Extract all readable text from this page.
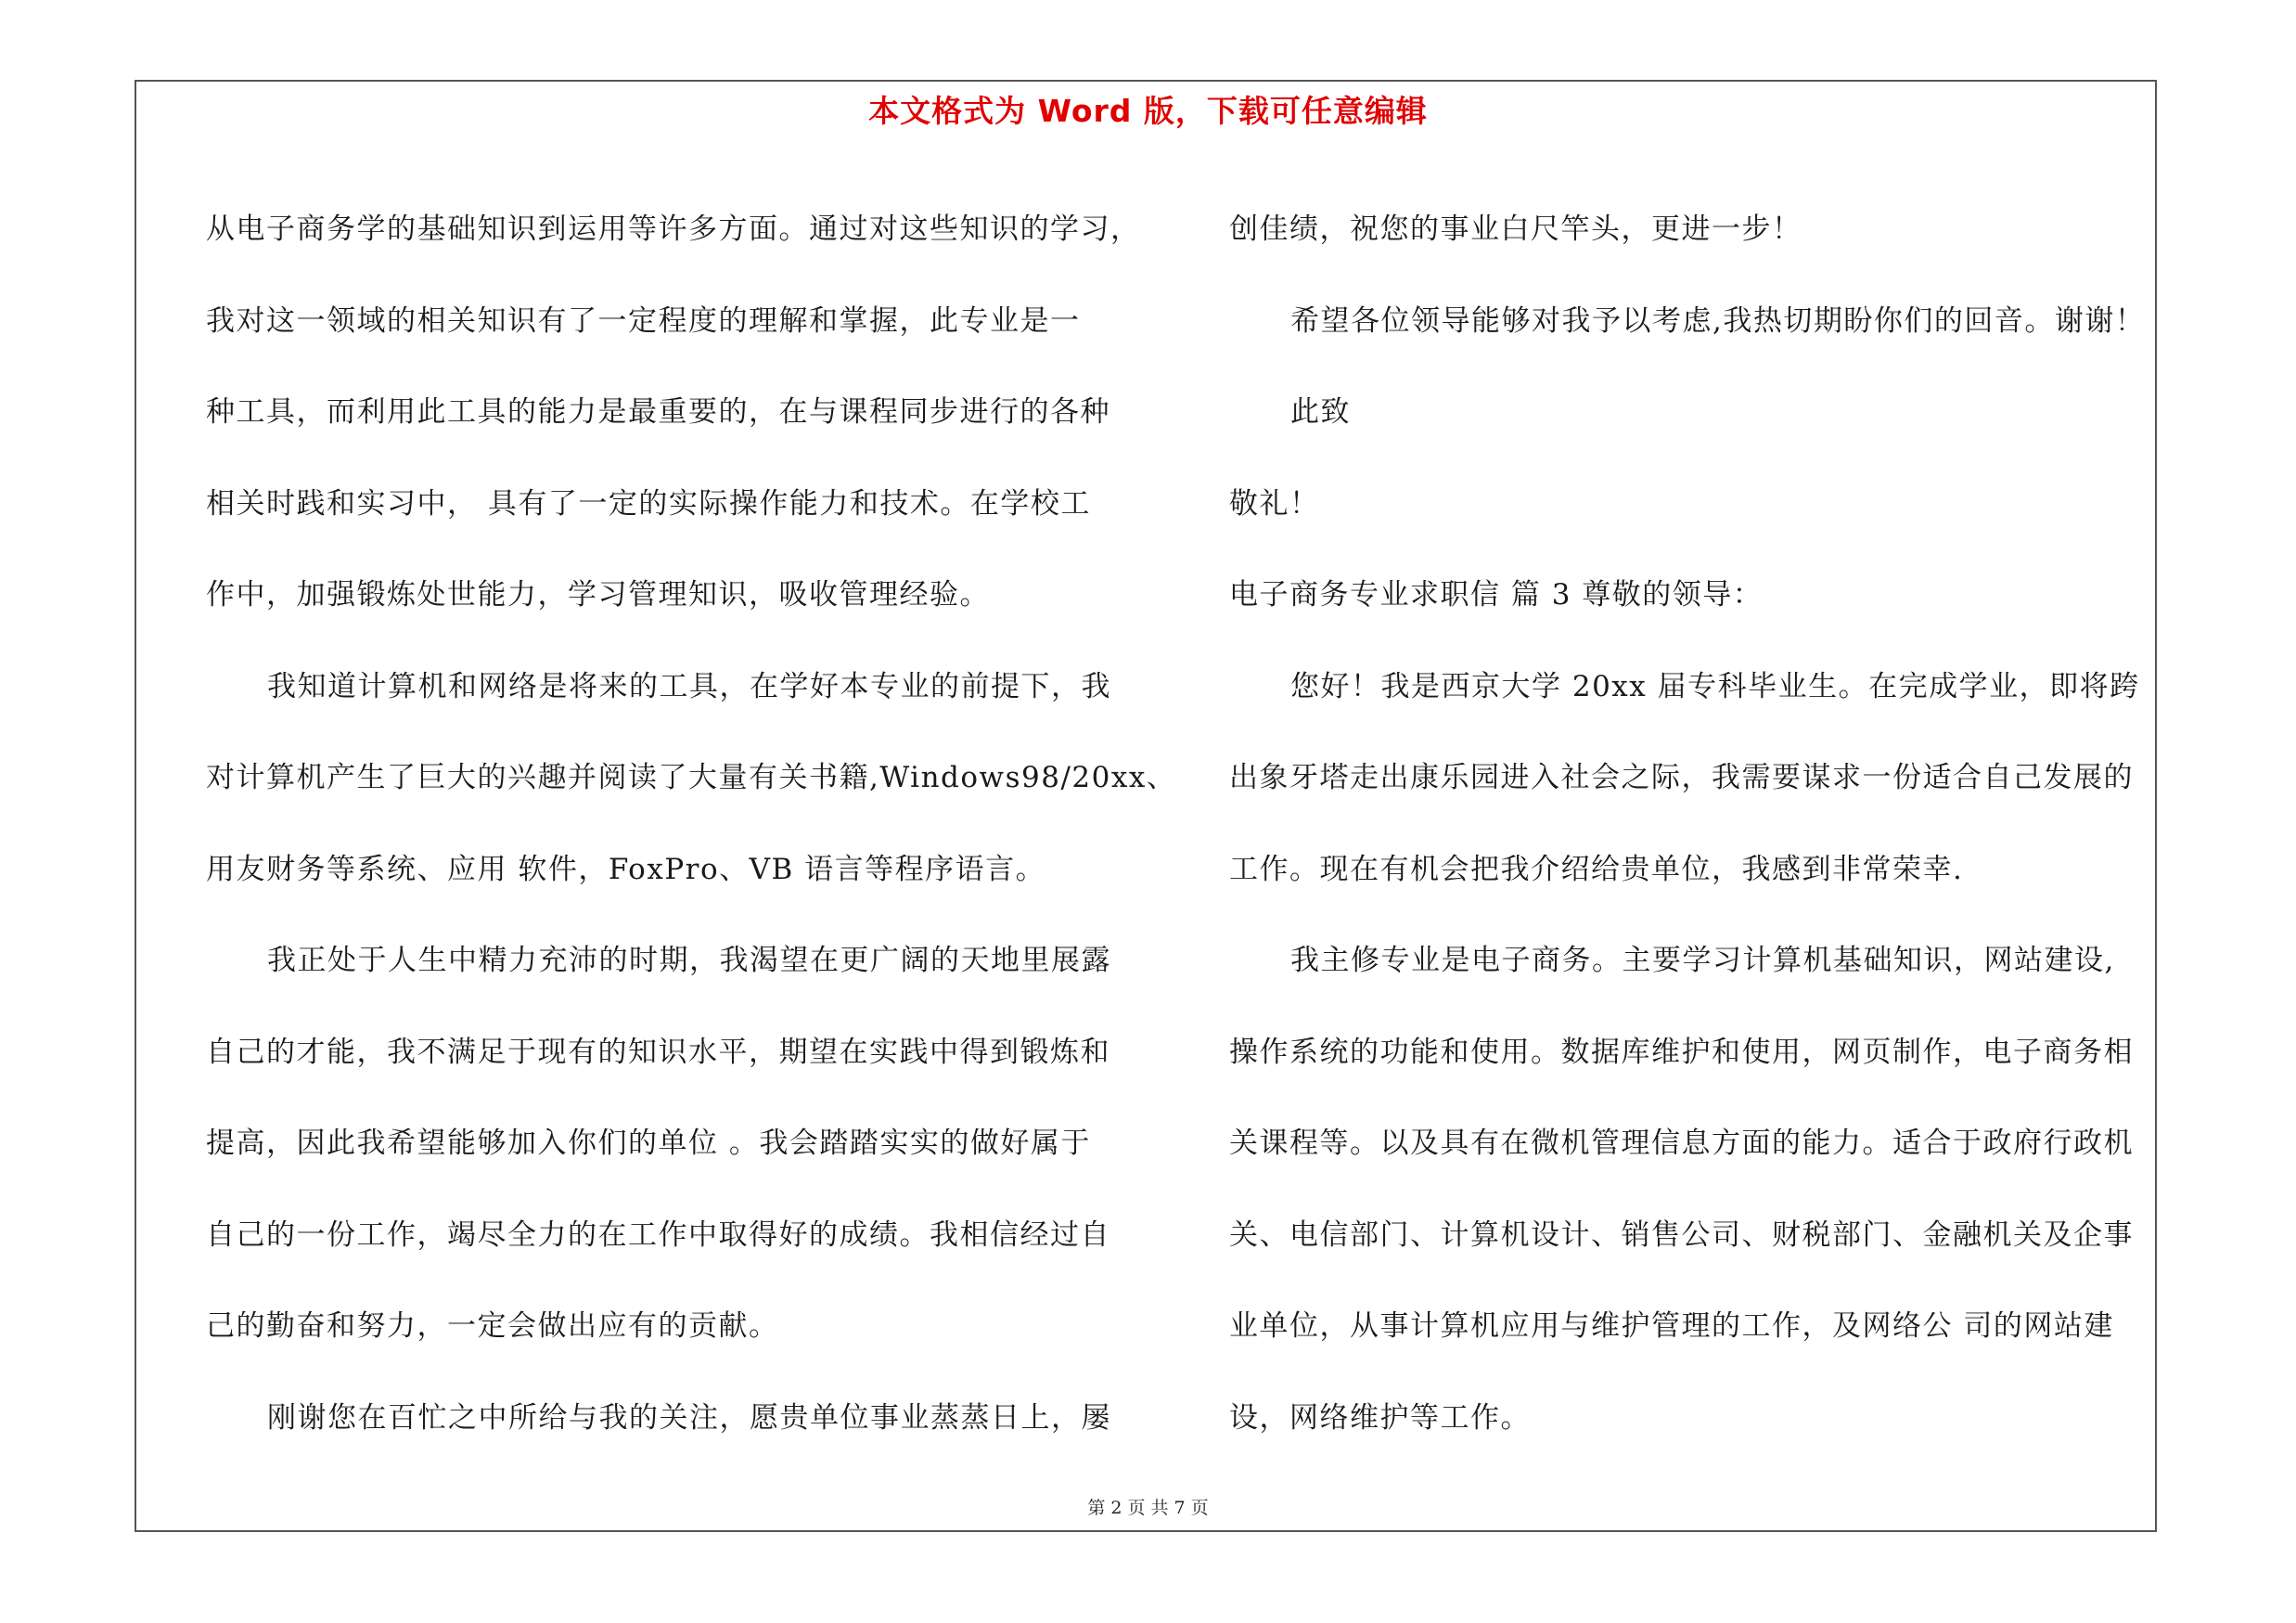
本文格式为 Word 版，下载可任意编辑
从电子商务学的基础知识到运用等许多方面。通过对这些知识的学习，
我对这一领域的相关知识有了一定程度的理解和掌握，此专业是一
种工具，而利用此工具的能力是最重要的，在与课程同步进行的各种
相关时践和实习中， 具有了一定的实际操作能力和技术。在学校工
作中，加强锻炼处世能力，学习管理知识，吸收管理经验。
我知道计算机和网络是将来的工具，在学好本专业的前提下，我
对计算机产生了巨大的兴趣并阅读了大量有关书籍,Windows98/20xx、
用友财务等系统、应用 软件，FoxPro、VB 语言等程序语言。
我正处于人生中精力充沛的时期，我渴望在更广阔的天地里展露
自己的才能，我不满足于现有的知识水平，期望在实践中得到锻炼和
提高，因此我希望能够加入你们的单位 。我会踏踏实实的做好属于
自己的一份工作，竭尽全力的在工作中取得好的成绩。我相信经过自
己的勤奋和努力，一定会做出应有的贡献。
刚谢您在百忙之中所给与我的关注，愿贵单位事业蒸蒸日上，屡
创佳绩，祝您的事业白尺竿头，更进一步！
希望各位领导能够对我予以考虑,我热切期盼你们的回音。谢谢！
此致
敬礼！
电子商务专业求职信 篇 3 尊敬的领导：
您好！我是西京大学 20xx 届专科毕业生。在完成学业，即将跨
出象牙塔走出康乐园进入社会之际，我需要谋求一份适合自己发展的
工作。现在有机会把我介绍给贵单位，我感到非常荣幸.
我主修专业是电子商务。主要学习计算机基础知识，网站建设,
操作系统的功能和使用。数据库维护和使用，网页制作，电子商务相
关课程等。以及具有在微机管理信息方面的能力。适合于政府行政机
关、电信部门、计算机设计、销售公司、财税部门、金融机关及企事
业单位，从事计算机应用与维护管理的工作，及网络公 司的网站建
设，网络维护等工作。
第 2 页 共 7 页
